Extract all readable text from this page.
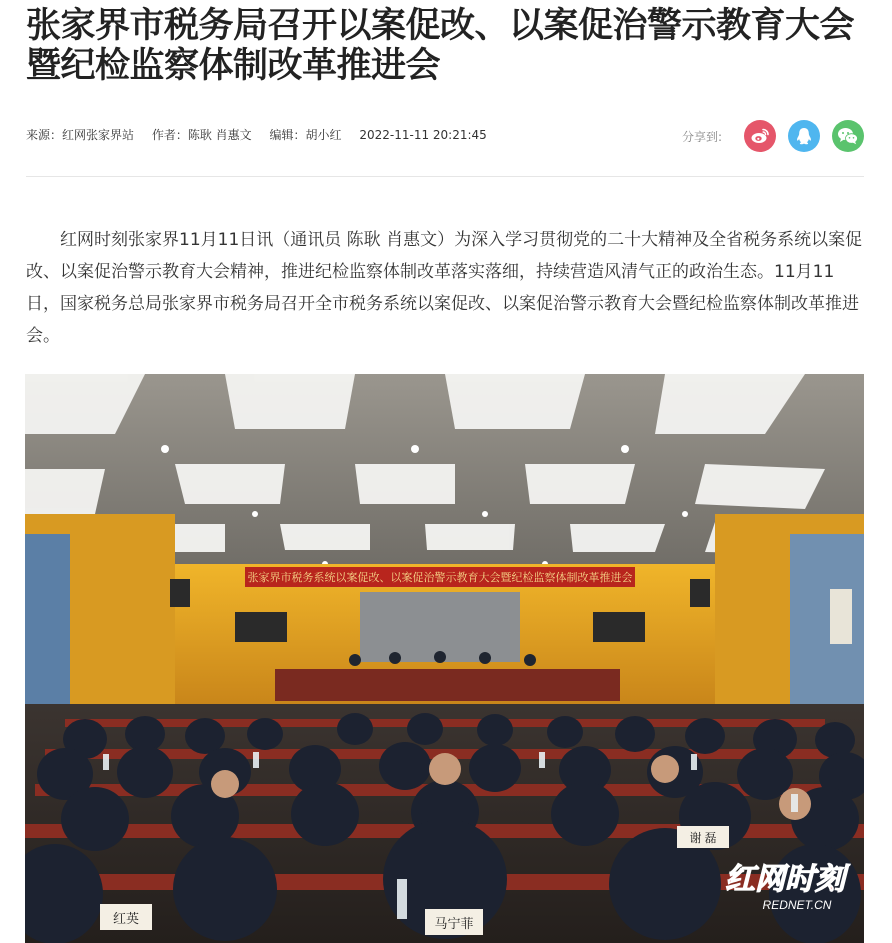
张家界市税务局召开以案促改、以案促治警示教育大会暨纪检监察体制改革推进会
来源：红网张家界站 作者：陈耿 肖惠文 编辑：胡小红 2022-11-11 20:21:45	分享到:

红网时刻张家界11月11日讯（通讯员 陈耿 肖惠文）为深入学习贯彻党的二十大精神及全省税务系统以案促改、以案促治警示教育大会精神，推进纪检监察体制改革落实落细，持续营造风清气正的政治生态。11月11日，国家税务总局张家界市税务局召开全市税务系统以案促改、以案促治警示教育大会暨纪检监察体制改革推进会。

张家界市税务系统以案促改、以案促治警示教育大会暨纪检监察体制改革推进会
红英	马宁菲
谢 磊
红网时刻
REDNET.CN
